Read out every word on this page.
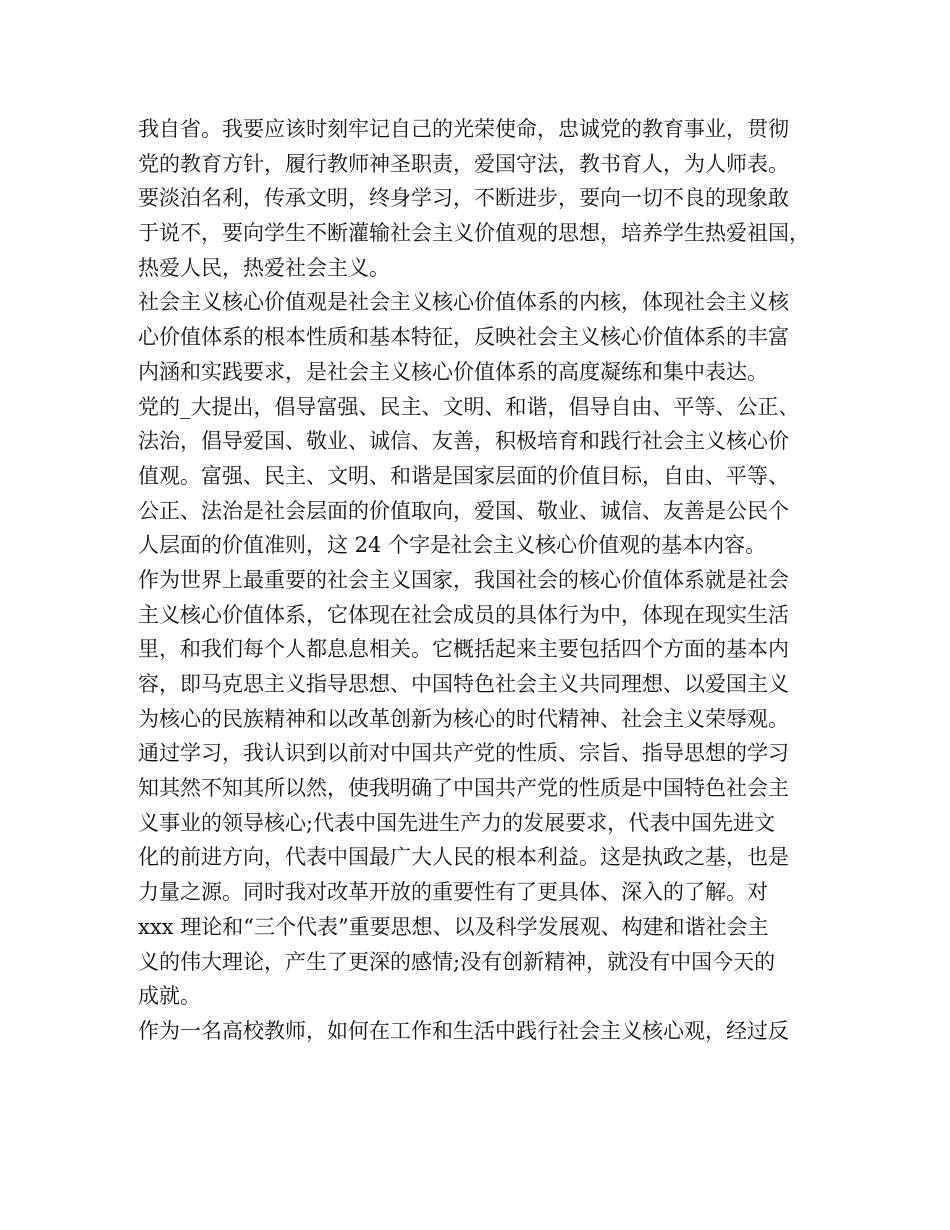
我自省。我要应该时刻牢记自己的光荣使命，忠诚党的教育事业，贯彻
党的教育方针，履行教师神圣职责，爱国守法，教书育人，为人师表。
要淡泊名利，传承文明，终身学习，不断进步，要向一切不良的现象敢
于说不，要向学生不断灌输社会主义价值观的思想，培养学生热爱祖国，
热爱人民，热爱社会主义。
社会主义核心价值观是社会主义核心价值体系的内核，体现社会主义核
心价值体系的根本性质和基本特征，反映社会主义核心价值体系的丰富
内涵和实践要求，是社会主义核心价值体系的高度凝练和集中表达。
党的_大提出，倡导富强、民主、文明、和谐，倡导自由、平等、公正、
法治，倡导爱国、敬业、诚信、友善，积极培育和践行社会主义核心价
值观。富强、民主、文明、和谐是国家层面的价值目标，自由、平等、
公正、法治是社会层面的价值取向，爱国、敬业、诚信、友善是公民个
人层面的价值准则，这 24 个字是社会主义核心价值观的基本内容。
作为世界上最重要的社会主义国家，我国社会的核心价值体系就是社会
主义核心价值体系，它体现在社会成员的具体行为中，体现在现实生活
里，和我们每个人都息息相关。它概括起来主要包括四个方面的基本内
容，即马克思主义指导思想、中国特色社会主义共同理想、以爱国主义
为核心的民族精神和以改革创新为核心的时代精神、社会主义荣辱观。
通过学习，我认识到以前对中国共产党的性质、宗旨、指导思想的学习
知其然不知其所以然，使我明确了中国共产党的性质是中国特色社会主
义事业的领导核心;代表中国先进生产力的发展要求，代表中国先进文
化的前进方向，代表中国最广大人民的根本利益。这是执政之基，也是
力量之源。同时我对改革开放的重要性有了更具体、深入的了解。对
xxx 理论和“三个代表”重要思想、以及科学发展观、构建和谐社会主
义的伟大理论，产生了更深的感情;没有创新精神，就没有中国今天的
成就。
作为一名高校教师，如何在工作和生活中践行社会主义核心观，经过反
